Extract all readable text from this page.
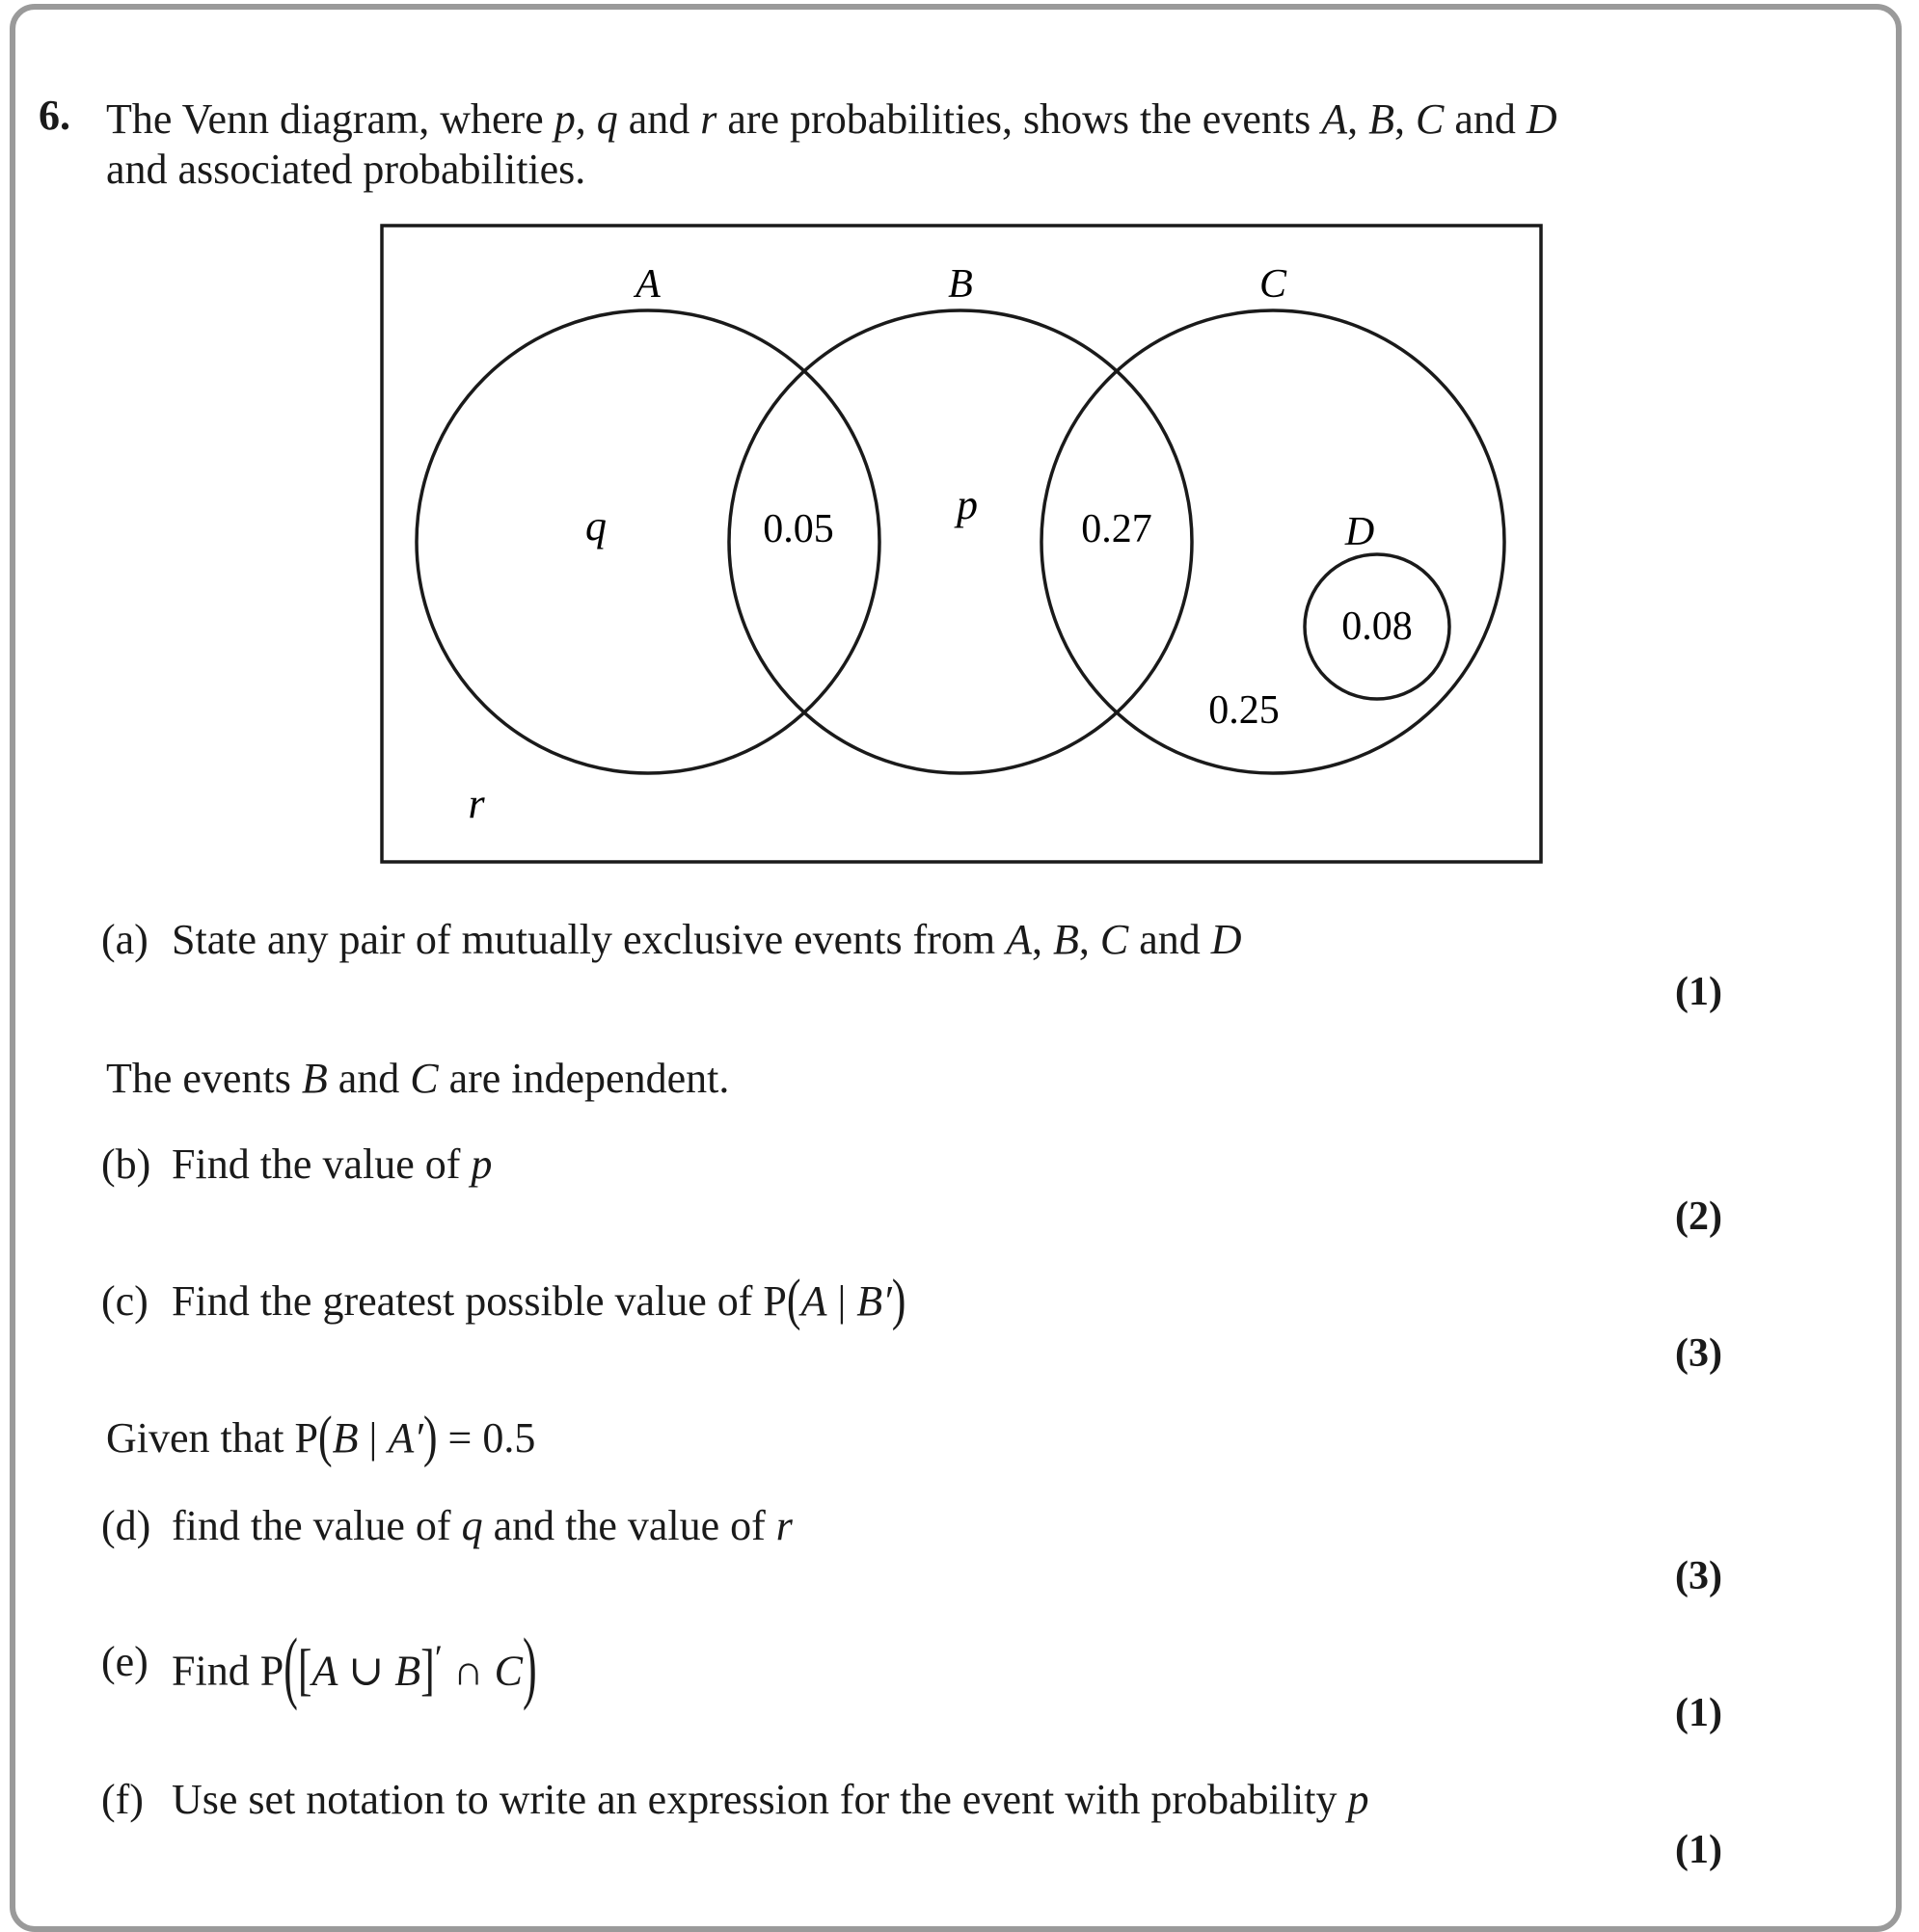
6. The Venn diagram, where p, q and r are probabilities, shows the events A, B, C and D
and associated probabilities.
A	B	C
D
q	0.05
p
0.27
0.25
0.08
r
(a) State any pair of mutually exclusive events from A, B, C and D
(1)
The events B and C are independent.
(b) Find the value of p
(2)
(c) Find the greatest possible value of P(A | B′)
(3)
Given that P(B | A′) = 0.5
(d) find the value of q and the value of r
(3)
(e) Find P([A ∪ B]′ ∩ C)
(1)
(f) Use set notation to write an expression for the event with probability p
(1)
